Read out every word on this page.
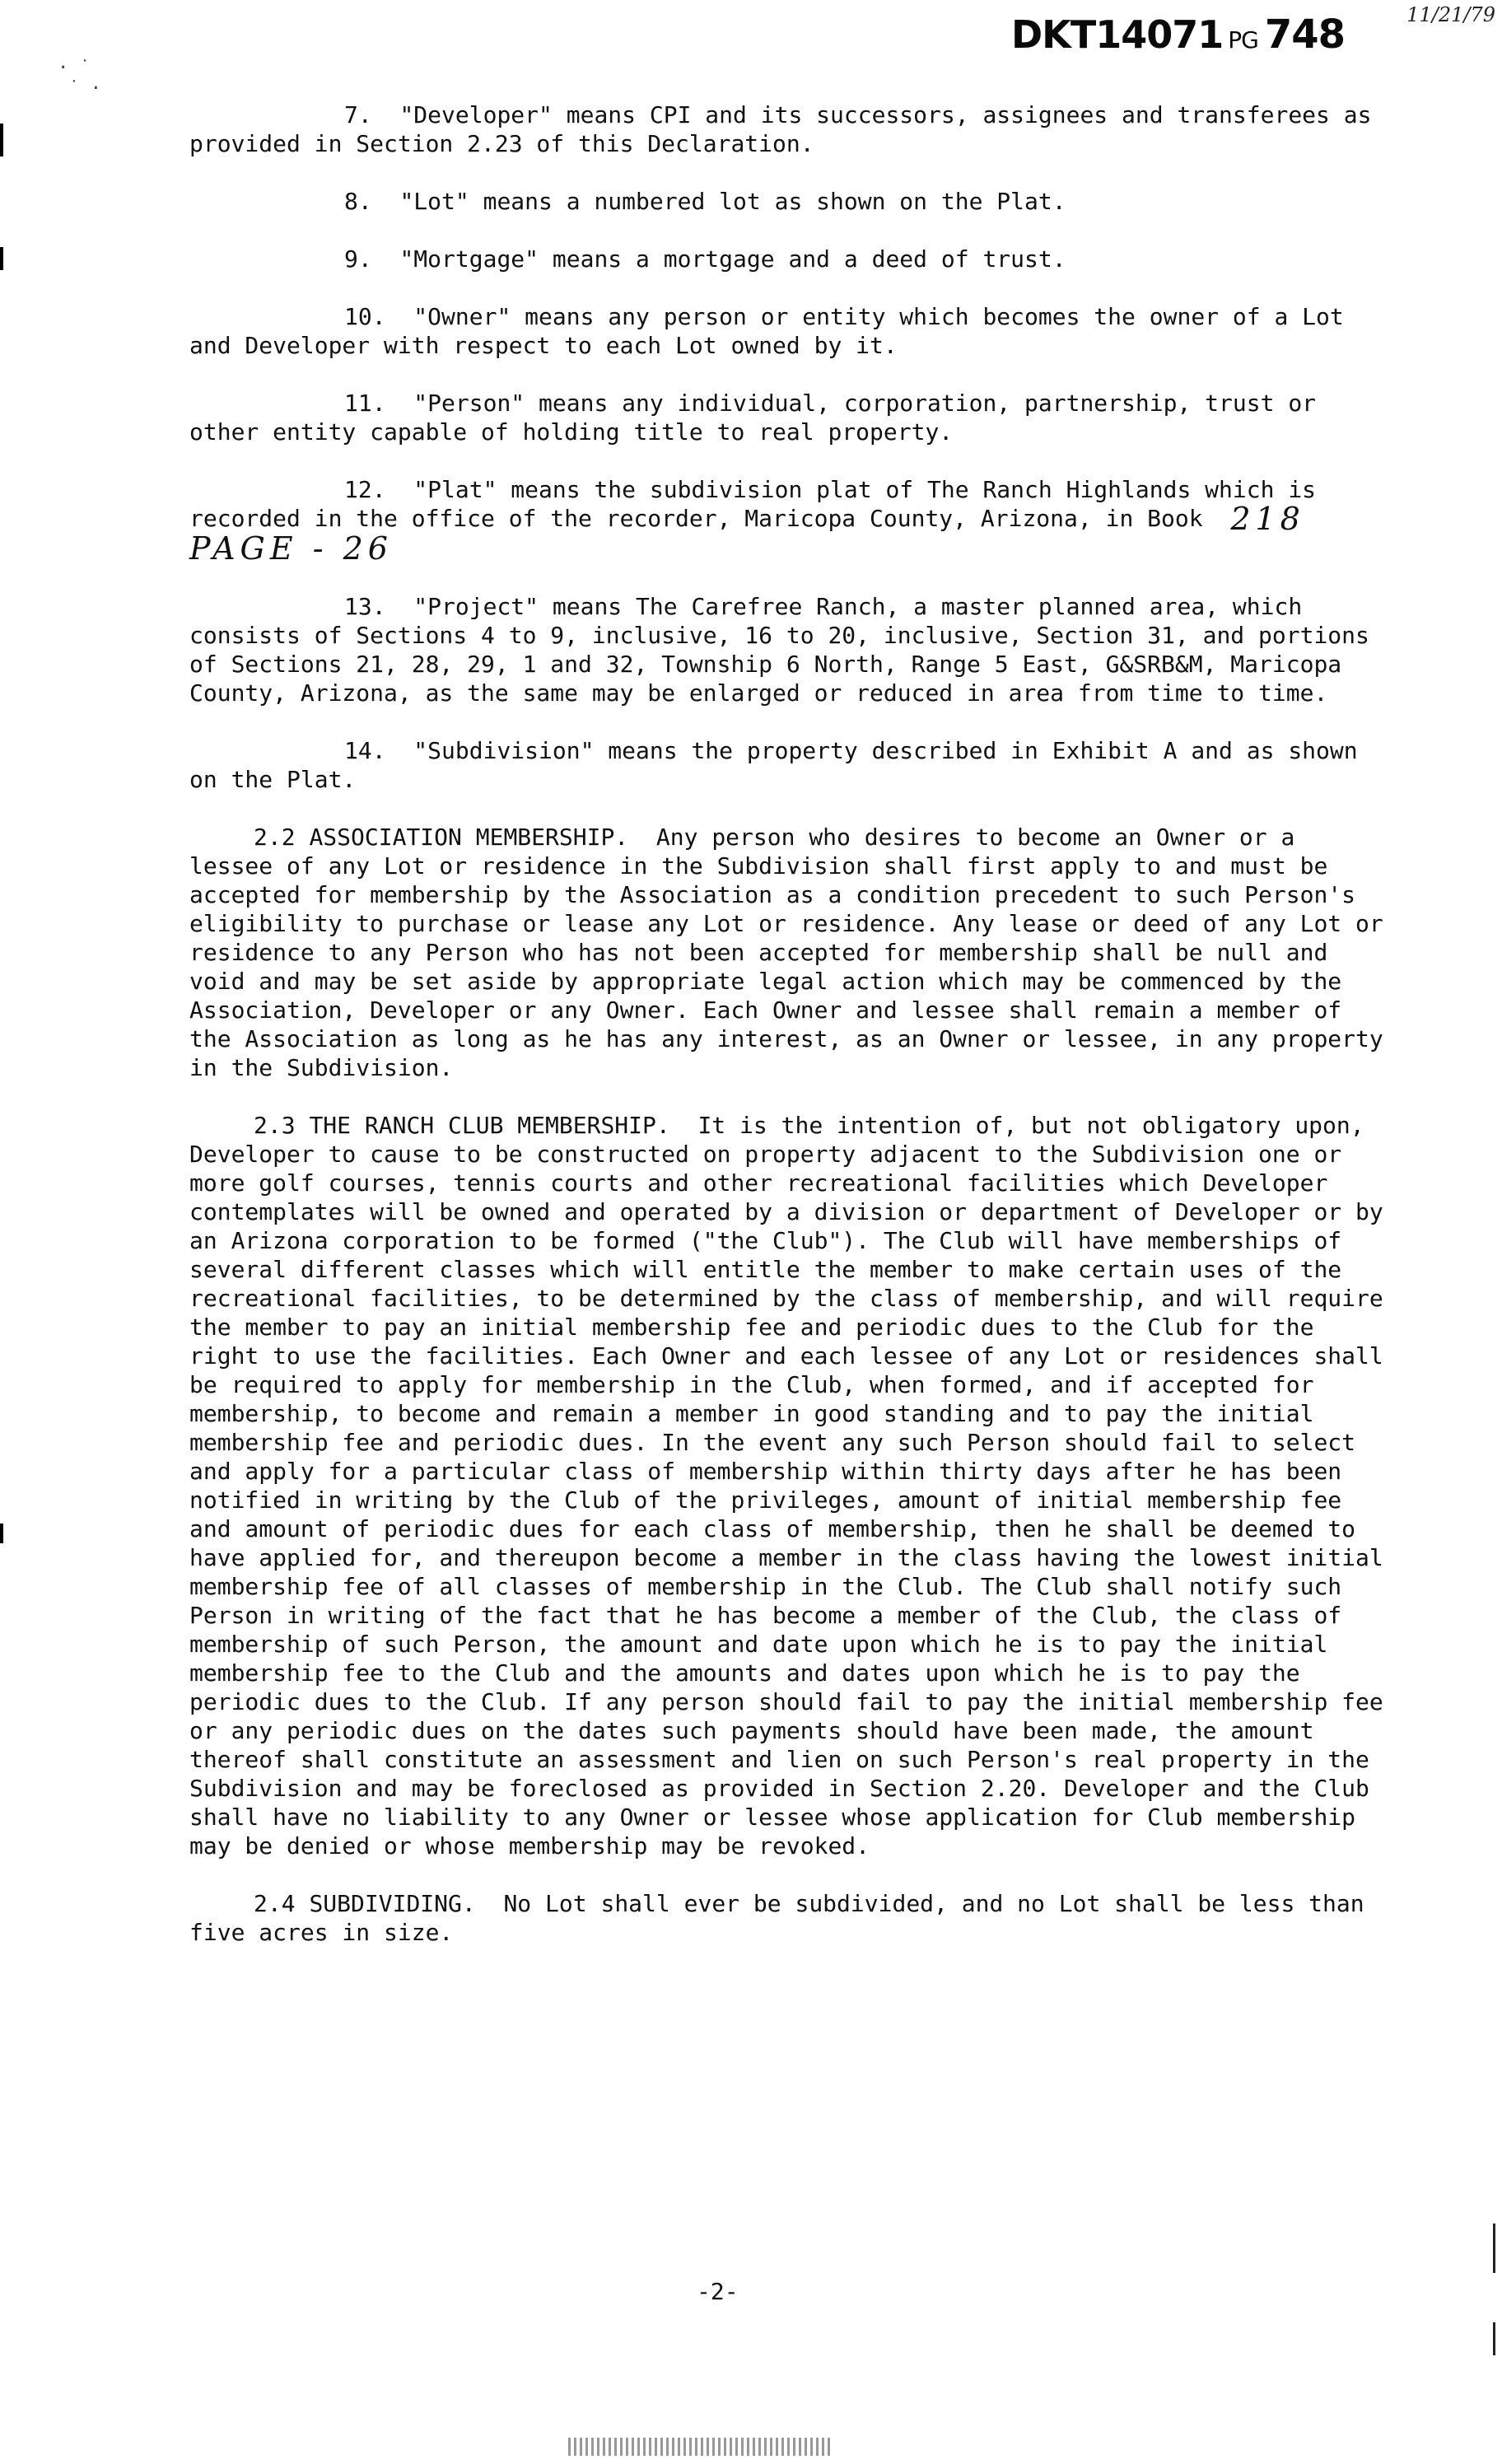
· ˙
˙ ·
DKT14071 PG 748	11/21/79

7. "Developer" means CPI and its successors, assignees and transferees as provided in Section 2.23 of this Declaration.

8. "Lot" means a numbered lot as shown on the Plat.

9. "Mortgage" means a mortgage and a deed of trust.

10. "Owner" means any person or entity which becomes the owner of a Lot and Developer with respect to each Lot owned by it.

11. "Person" means any individual, corporation, partnership, trust or other entity capable of holding title to real property.

12. "Plat" means the subdivision plat of The Ranch Highlands which is recorded in the office of the recorder, Maricopa County, Arizona, in Book 218 PAGE - 26

13. "Project" means The Carefree Ranch, a master planned area, which consists of Sections 4 to 9, inclusive, 16 to 20, inclusive, Section 31, and portions of Sections 21, 28, 29, 1 and 32, Township 6 North, Range 5 East, G&SRB&M, Maricopa County, Arizona, as the same may be enlarged or reduced in area from time to time.

14. "Subdivision" means the property described in Exhibit A and as shown on the Plat.

2.2 ASSOCIATION MEMBERSHIP. Any person who desires to become an Owner or a lessee of any Lot or residence in the Subdivision shall first apply to and must be accepted for membership by the Association as a condition precedent to such Person's eligibility to purchase or lease any Lot or residence. Any lease or deed of any Lot or residence to any Person who has not been accepted for membership shall be null and void and may be set aside by appropriate legal action which may be commenced by the Association, Developer or any Owner. Each Owner and lessee shall remain a member of the Association as long as he has any interest, as an Owner or lessee, in any property in the Subdivision.

2.3 THE RANCH CLUB MEMBERSHIP. It is the intention of, but not obligatory upon, Developer to cause to be constructed on property adjacent to the Subdivision one or more golf courses, tennis courts and other recreational facilities which Developer contemplates will be owned and operated by a division or department of Developer or by an Arizona corporation to be formed ("the Club"). The Club will have memberships of several different classes which will entitle the member to make certain uses of the recreational facilities, to be determined by the class of membership, and will require the member to pay an initial membership fee and periodic dues to the Club for the right to use the facilities. Each Owner and each lessee of any Lot or residences shall be required to apply for membership in the Club, when formed, and if accepted for membership, to become and remain a member in good standing and to pay the initial membership fee and periodic dues. In the event any such Person should fail to select and apply for a particular class of membership within thirty days after he has been notified in writing by the Club of the privileges, amount of initial membership fee and amount of periodic dues for each class of membership, then he shall be deemed to have applied for, and thereupon become a member in the class having the lowest initial membership fee of all classes of membership in the Club. The Club shall notify such Person in writing of the fact that he has become a member of the Club, the class of membership of such Person, the amount and date upon which he is to pay the initial membership fee to the Club and the amounts and dates upon which he is to pay the periodic dues to the Club. If any person should fail to pay the initial membership fee or any periodic dues on the dates such payments should have been made, the amount thereof shall constitute an assessment and lien on such Person's real property in the Subdivision and may be foreclosed as provided in Section 2.20. Developer and the Club shall have no liability to any Owner or lessee whose application for Club membership may be denied or whose membership may be revoked.

2.4 SUBDIVIDING. No Lot shall ever be subdivided, and no Lot shall be less than five acres in size.

-2-
